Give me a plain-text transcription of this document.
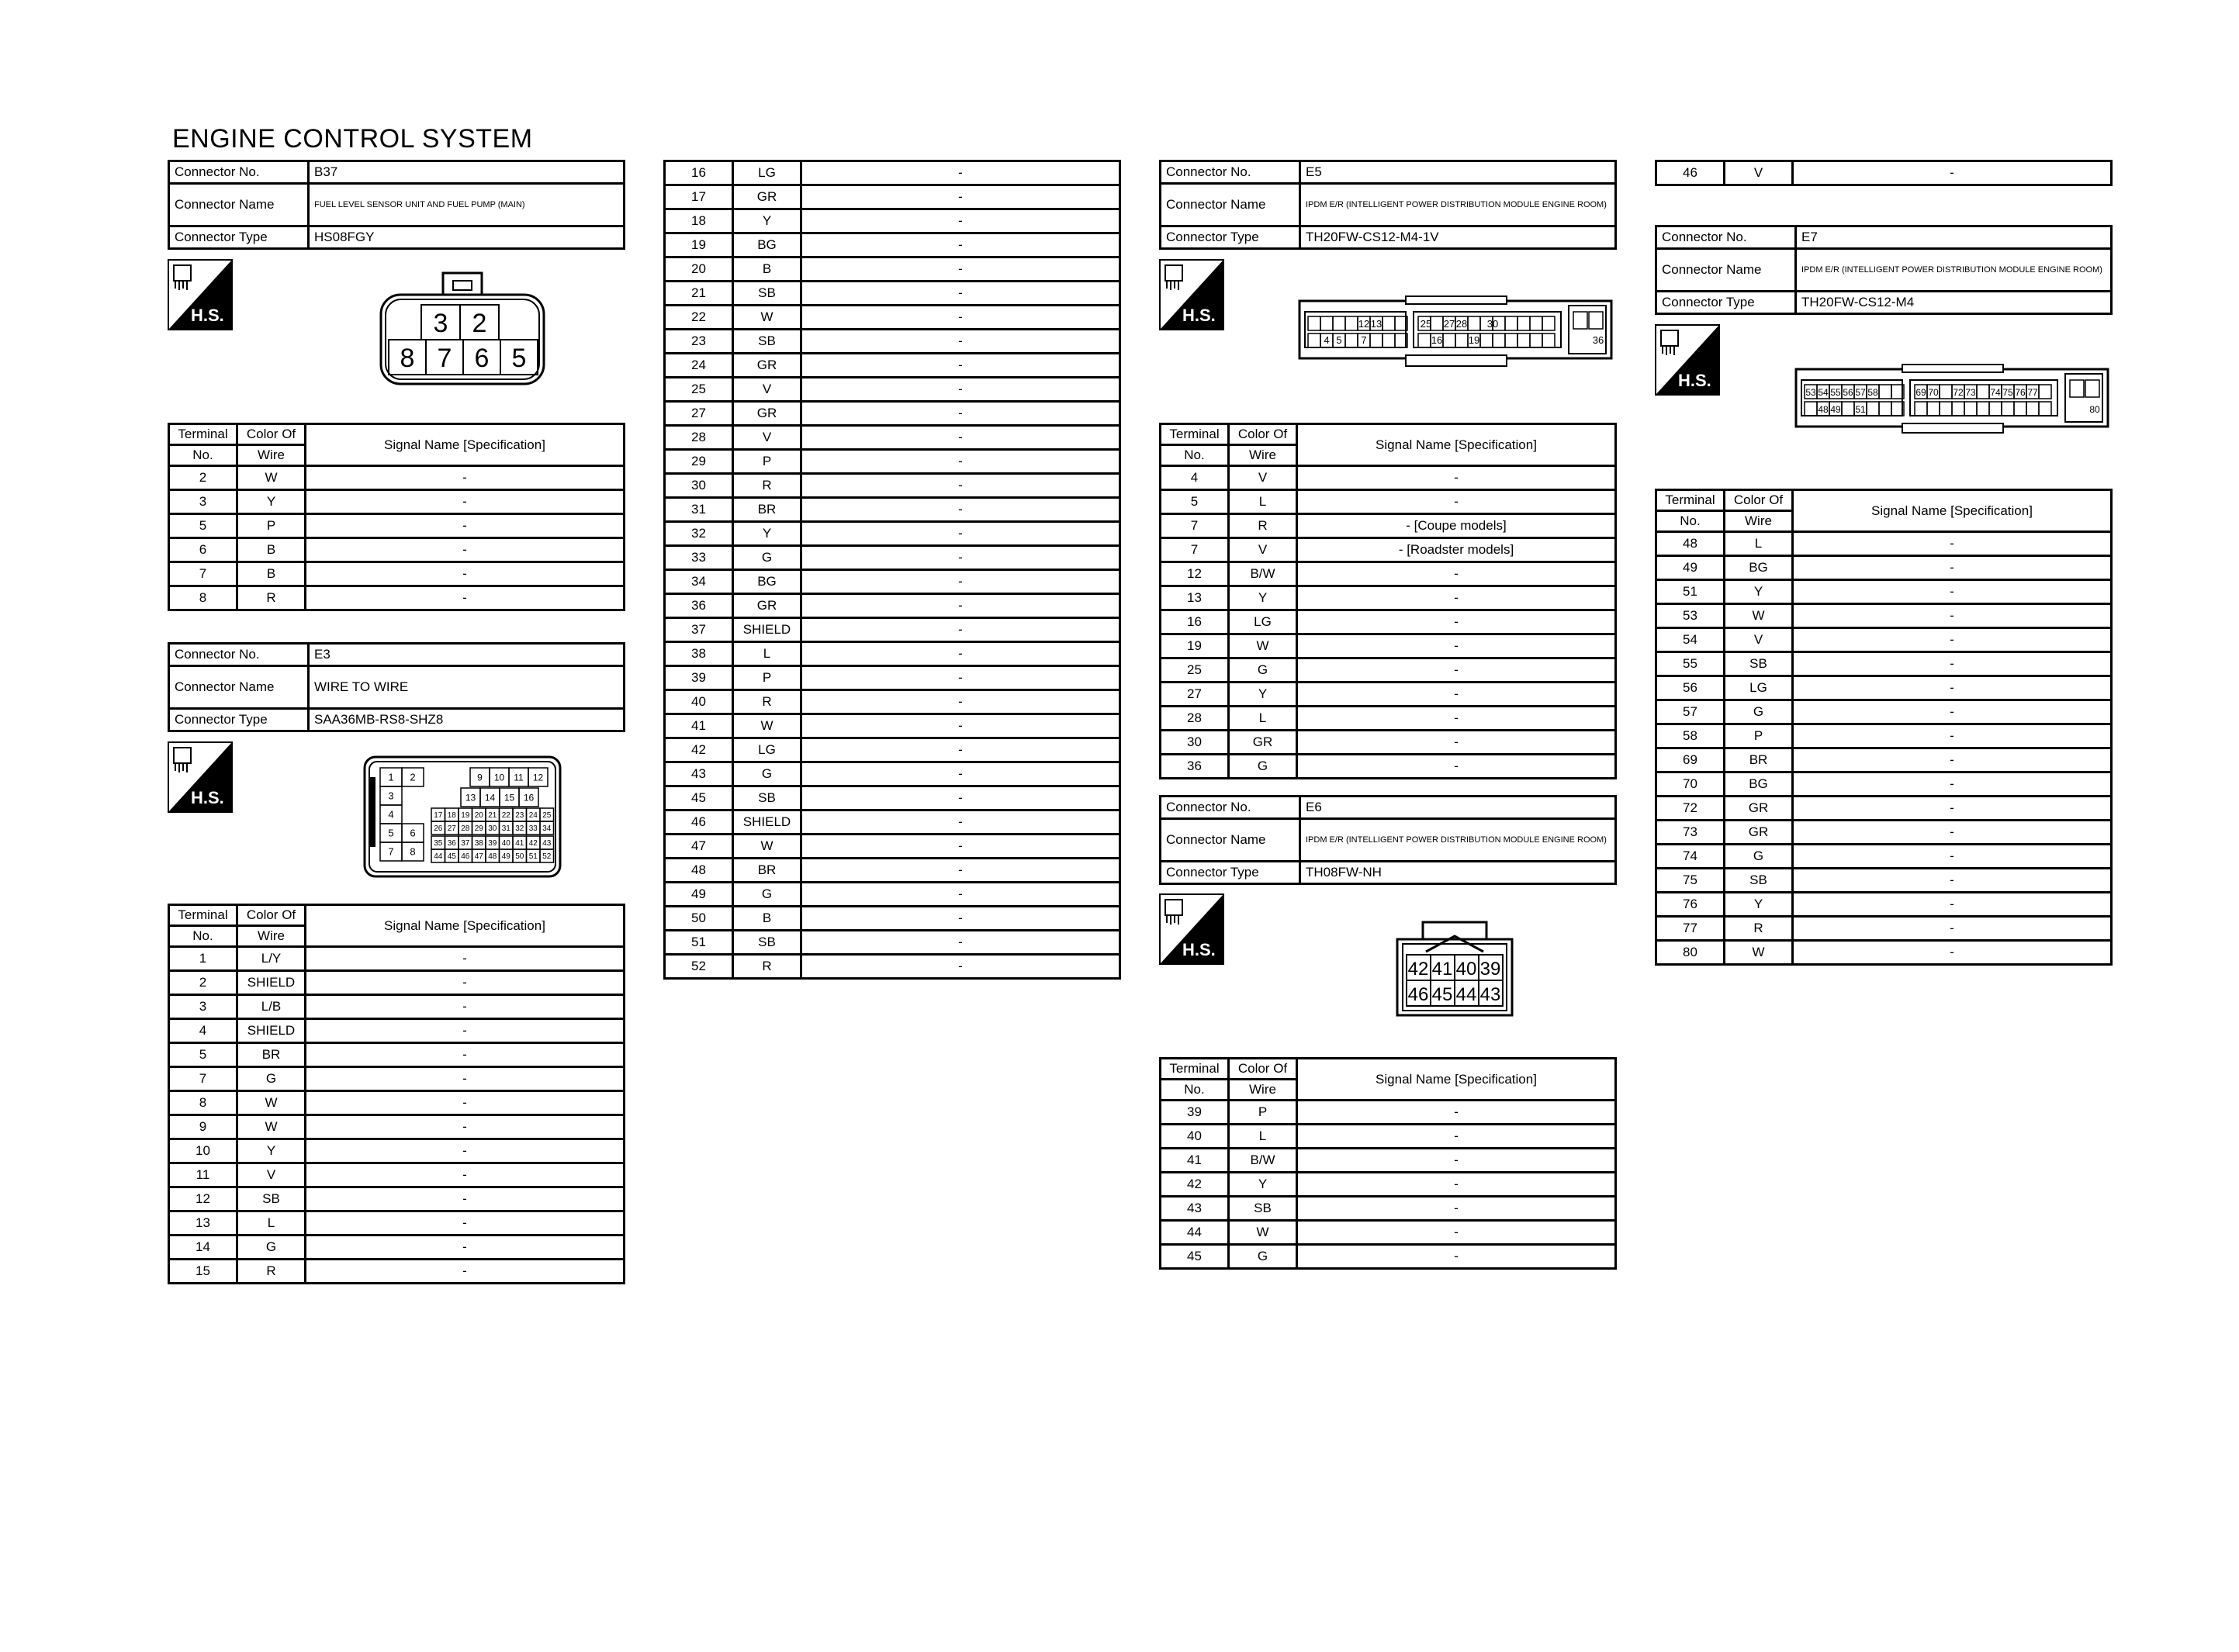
ENGINE CONTROL SYSTEM
Connector No.	B37
Connector Name	FUEL LEVEL SENSOR UNIT AND FUEL PUMP (MAIN)
Connector Type	HS08FGY
H.S.	3 2
8 7 6 5
Terminal	Color Of	Signal Name [Specification]
No.	Wire	
2	W	-
3	Y	-
5	P	-
6	B	-
7	B	-
8	R	-
Connector No.	E3
Connector Name	WIRE TO WIRE
Connector Type	SAA36MB-RS8-SHZ8
H.S.
1 2
3
4
5 6
7 8
9 10 11 12
13 14 15 16
17 18 19 20 21 22 23 24 25
26 27 28 29 30 31 32 33 34
35 36 37 38 39 40 41 42 43
44 45 46 47 48 49 50 51 52
Terminal	Color Of	Signal Name [Specification]
No.	Wire	
1	L/Y	-
2	SHIELD	-
3	L/B	-
4	SHIELD	-
5	BR	-
7	G	-
8	W	-
9	W	-
10	Y	-
11	V	-
12	SB	-
13	L	-
14	G	-
15	R	-
16	LG	-
17	GR	-
18	Y	-
19	BG	-
20	B	-
21	SB	-
22	W	-
23	SB	-
24	GR	-
25	V	-
27	GR	-
28	V	-
29	P	-
30	R	-
31	BR	-
32	Y	-
33	G	-
34	BG	-
36	GR	-
37	SHIELD	-
38	L	-
39	P	-
40	R	-
41	W	-
42	LG	-
43	G	-
45	SB	-
46	SHIELD	-
47	W	-
48	BR	-
49	G	-
50	B	-
51	SB	-
52	R	-
Connector No.	E5
Connector Name	IPDM E/R (INTELLIGENT POWER DISTRIBUTION MODULE ENGINE ROOM)
Connector Type	TH20FW-CS12-M4-1V
H.S.	12 13	25 27 28 30
4 5 7	16	19	36
Terminal	Color Of	Signal Name [Specification]
No.	Wire	
4	V	-
5	L	-
7	R	- [Coupe models]
7	V	- [Roadster models]
12	B/W	-
13	Y	-
16	LG	-
19	W	-
25	G	-
27	Y	-
28	L	-
30	GR	-
36	G	-
Connector No.	E6
Connector Name	IPDM E/R (INTELLIGENT POWER DISTRIBUTION MODULE ENGINE ROOM)
Connector Type	TH08FW-NH
H.S.
42 41 40 39
46 45 44 43
Terminal	Color Of	Signal Name [Specification]
No.	Wire	
39	P	-
40	L	-
41	B/W	-
42	Y	-
43	SB	-
44	W	-
45	G	-
46	V	-
Connector No.	E7
Connector Name	IPDM E/R (INTELLIGENT POWER DISTRIBUTION MODULE ENGINE ROOM)
Connector Type	TH20FW-CS12-M4
H.S.
53 54 55 56 57 58	69 70 72 73 74 75 76 77
48 49 51	80
Terminal	Color Of	Signal Name [Specification]
No.	Wire	
48	L	-
49	BG	-
51	Y	-
53	W	-
54	V	-
55	SB	-
56	LG	-
57	G	-
58	P	-
69	BR	-
70	BG	-
72	GR	-
73	GR	-
74	G	-
75	SB	-
76	Y	-
77	R	-
80	W	-
